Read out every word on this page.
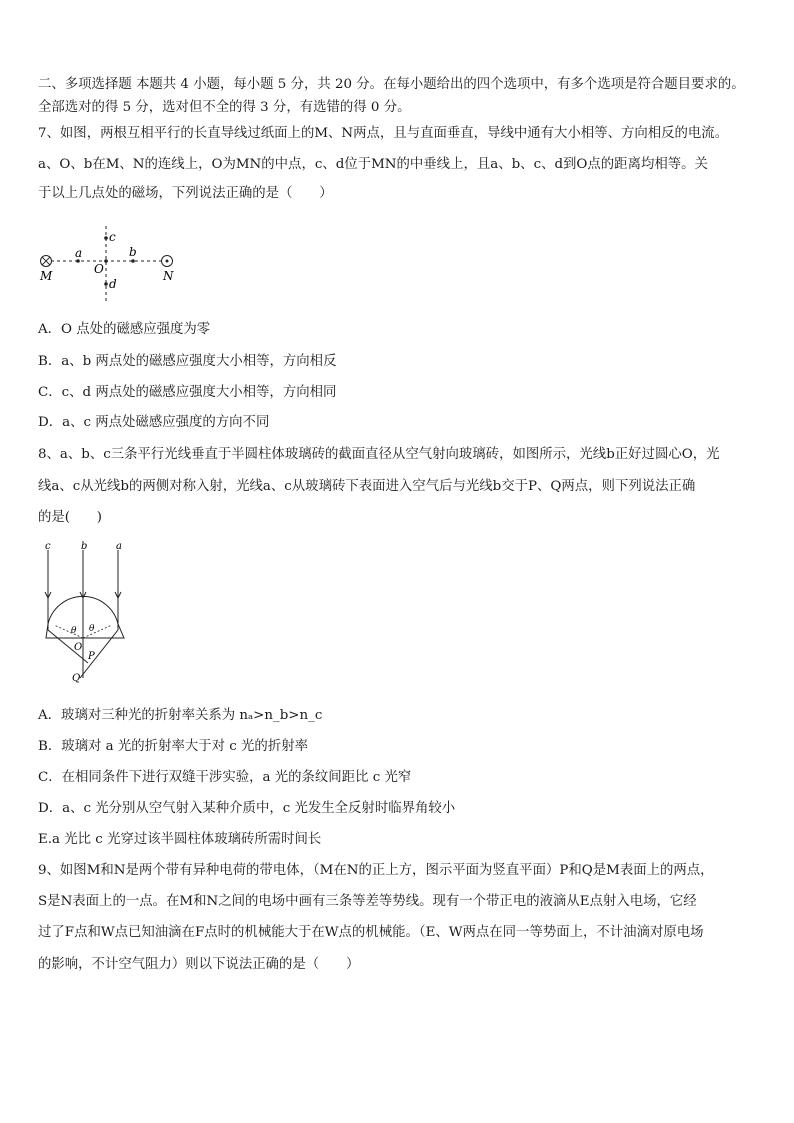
二、多项选择题 本题共 4 小题，每小题 5 分，共 20 分。在每小题给出的四个选项中，有多个选项是符合题目要求的。
全部选对的得 5 分，选对但不全的得 3 分，有选错的得 0 分。
7、如图，两根互相平行的长直导线过纸面上的M、N两点，且与直面垂直，导线中通有大小相等、方向相反的电流。
a、O、b在M、N的连线上，O为MN的中点，c、d位于MN的中垂线上，且a、b、c、d到O点的距离均相等。关
于以上几点处的磁场，下列说法正确的是（　　）
M	N
O
a	b
c
d
A．O 点处的磁感应强度为零
B．a、b 两点处的磁感应强度大小相等，方向相反
C．c、d 两点处的磁感应强度大小相等，方向相同
D．a、c 两点处磁感应强度的方向不同
8、a、b、c三条平行光线垂直于半圆柱体玻璃砖的截面直径从空气射向玻璃砖，如图所示，光线b正好过圆心O，光
线a、c从光线b的两侧对称入射，光线a、c从玻璃砖下表面进入空气后与光线b交于P、Q两点，则下列说法正确
的是(　　)
c	b	a
θ θ
O
P
Q
A．玻璃对三种光的折射率关系为 nₐ>n_b>n_c
B．玻璃对 a 光的折射率大于对 c 光的折射率
C．在相同条件下进行双缝干涉实验，a 光的条纹间距比 c 光窄
D．a、c 光分别从空气射入某种介质中，c 光发生全反射时临界角较小
E.a 光比 c 光穿过该半圆柱体玻璃砖所需时间长
9、如图M和N是两个带有异种电荷的带电体，（M在N的正上方，图示平面为竖直平面）P和Q是M表面上的两点，
S是N表面上的一点。在M和N之间的电场中画有三条等差等势线。现有一个带正电的液滴从E点射入电场，它经
过了F点和W点已知油滴在F点时的机械能大于在W点的机械能。（E、W两点在同一等势面上，不计油滴对原电场
的影响，不计空气阻力）则以下说法正确的是（　　）
